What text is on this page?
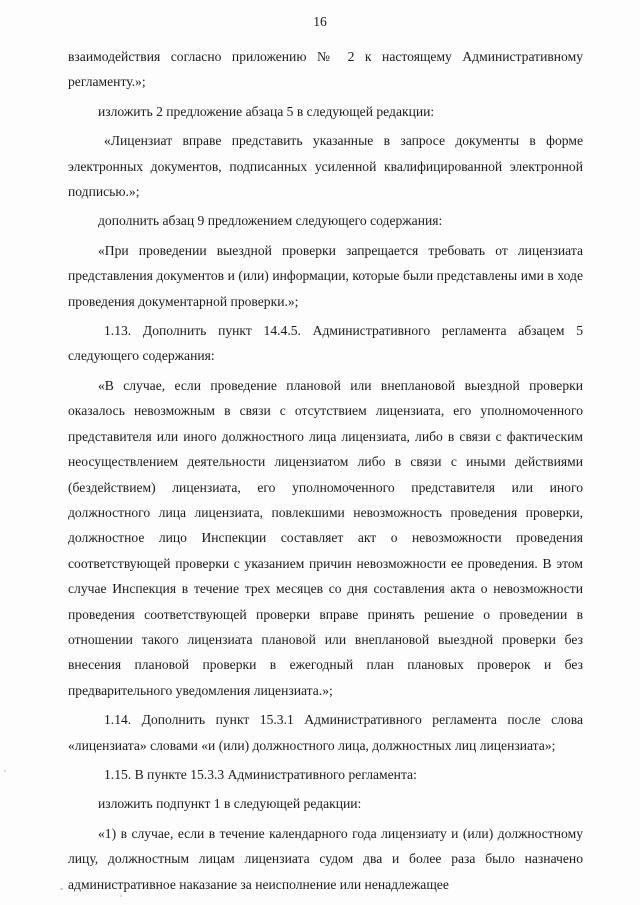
16

взаимодействия согласно приложению № 2 к настоящему Административному регламенту.»;

изложить 2 предложение абзаца 5 в следующей редакции:

«Лицензиат вправе представить указанные в запросе документы в форме электронных документов, подписанных усиленной квалифицированной электронной подписью.»;

дополнить абзац 9 предложением следующего содержания:

«При проведении выездной проверки запрещается требовать от лицензиата представления документов и (или) информации, которые были представлены ими в ходе проведения документарной проверки.»;

1.13. Дополнить пункт 14.4.5. Административного регламента абзацем 5 следующего содержания:

«В случае, если проведение плановой или внеплановой выездной проверки оказалось невозможным в связи с отсутствием лицензиата, его уполномоченного представителя или иного должностного лица лицензиата, либо в связи с фактическим неосуществлением деятельности лицензиатом либо в связи с иными действиями (бездействием) лицензиата, его уполномоченного представителя или иного должностного лица лицензиата, повлекшими невозможность проведения проверки, должностное лицо Инспекции составляет акт о невозможности проведения соответствующей проверки с указанием причин невозможности ее проведения. В этом случае Инспекция в течение трех месяцев со дня составления акта о невозможности проведения соответствующей проверки вправе принять решение о проведении в отношении такого лицензиата плановой или внеплановой выездной проверки без внесения плановой проверки в ежегодный план плановых проверок и без предварительного уведомления лицензиата.»;

1.14. Дополнить пункт 15.3.1 Административного регламента после слова «лицензиата» словами «и (или) должностного лица, должностных лиц лицензиата»;

1.15. В пункте 15.3.3 Административного регламента:

изложить подпункт 1 в следующей редакции:

«1) в случае, если в течение календарного года лицензиату и (или) должностному лицу, должностным лицам лицензиата судом два и более раза было назначено административное наказание за неисполнение или ненадлежащее
